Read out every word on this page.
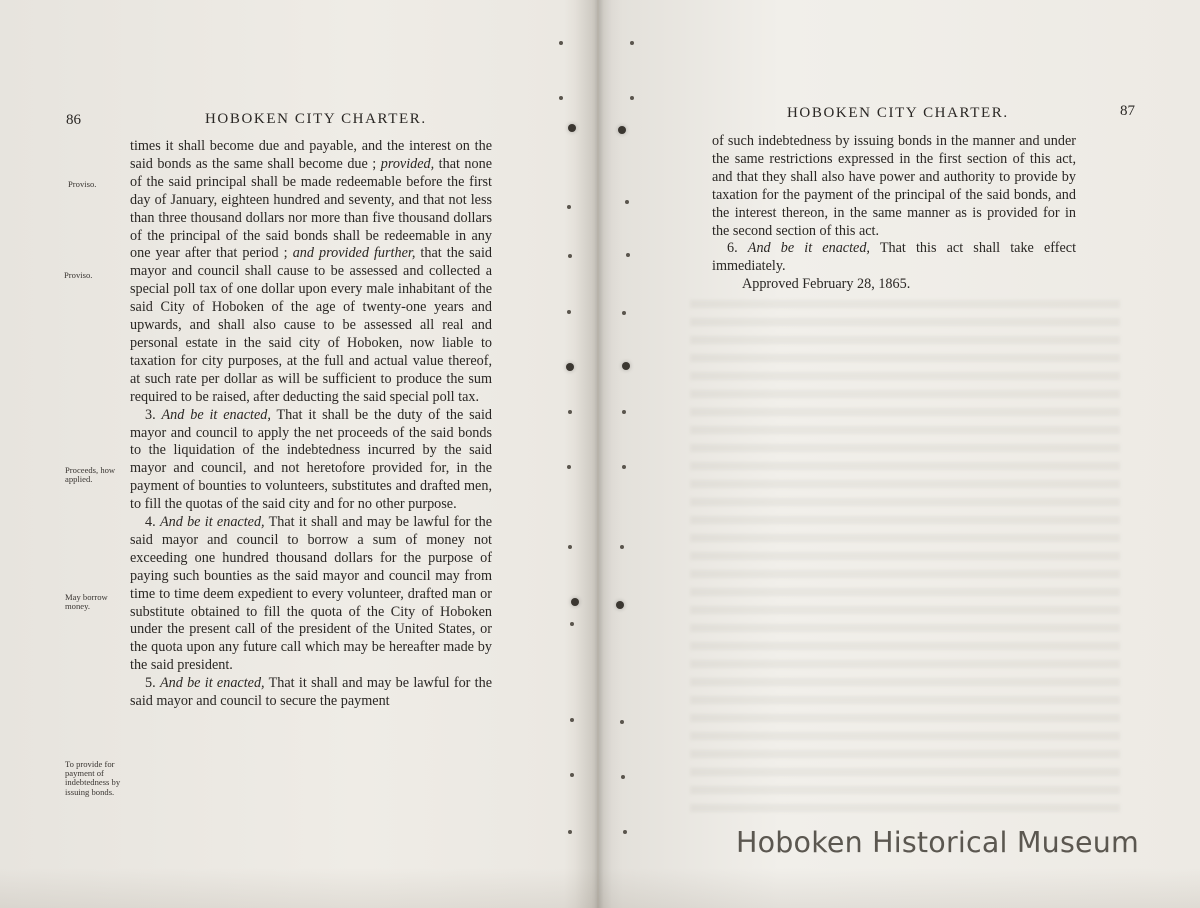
86	HOBOKEN CITY CHARTER.
Proviso.
Proviso.
Proceeds, how applied.
May borrow money.
To provide for payment of indebtedness by issuing bonds.

times it shall become due and payable, and the interest on the said bonds as the same shall become due ; provided, that none of the said principal shall be made redeemable before the first day of January, eighteen hundred and seventy, and that not less than three thousand dollars nor more than five thousand dollars of the principal of the said bonds shall be redeemable in any one year after that period ; and provided further, that the said mayor and council shall cause to be assessed and collected a special poll tax of one dollar upon every male inhabitant of the said City of Hoboken of the age of twenty-one years and upwards, and shall also cause to be assessed all real and personal estate in the said city of Hoboken, now liable to taxation for city purposes, at the full and actual value thereof, at such rate per dollar as will be sufficient to produce the sum required to be raised, after deducting the said special poll tax.

3. And be it enacted, That it shall be the duty of the said mayor and council to apply the net proceeds of the said bonds to the liquidation of the indebtedness incurred by the said mayor and council, and not heretofore provided for, in the payment of bounties to volunteers, substitutes and drafted men, to fill the quotas of the said city and for no other purpose.

4. And be it enacted, That it shall and may be lawful for the said mayor and council to borrow a sum of money not exceeding one hundred thousand dollars for the purpose of paying such bounties as the said mayor and council may from time to time deem expedient to every volunteer, drafted man or substitute obtained to fill the quota of the City of Hoboken under the present call of the president of the United States, or the quota upon any future call which may be hereafter made by the said president.

5. And be it enacted, That it shall and may be lawful for the said mayor and council to secure the payment

HOBOKEN CITY CHARTER.	87

of such indebtedness by issuing bonds in the manner and under the same restrictions expressed in the first section of this act, and that they shall also have power and authority to provide by taxation for the payment of the principal of the said bonds, and the interest thereon, in the same manner as is provided for in the second section of this act.

6. And be it enacted, That this act shall take effect immediately.

Approved February 28, 1865.

Hoboken Historical Museum
